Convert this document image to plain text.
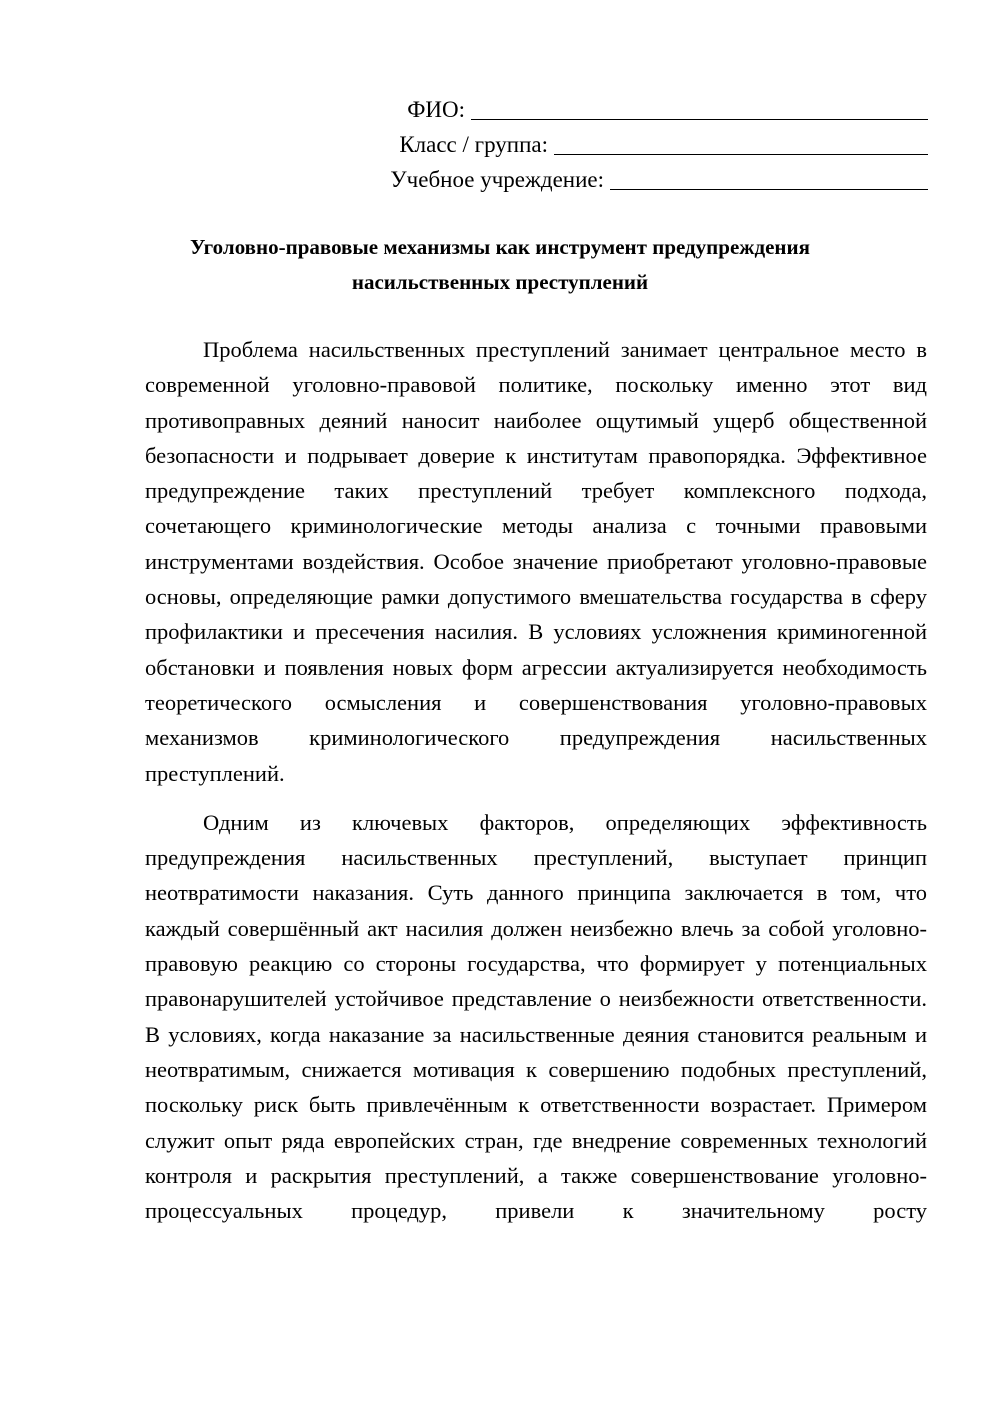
ФИО:
Класс / группа:
Учебное учреждение:
Уголовно-правовые механизмы как инструмент предупреждения
насильственных преступлений

Проблема насильственных преступлений занимает центральное место в современной уголовно-правовой политике, поскольку именно этот вид противоправных деяний наносит наиболее ощутимый ущерб общественной безопасности и подрывает доверие к институтам правопорядка. Эффективное предупреждение таких преступлений требует комплексного подхода, сочетающего криминологические методы анализа с точными правовыми инструментами воздействия. Особое значение приобретают уголовно-правовые основы, определяющие рамки допустимого вмешательства государства в сферу профилактики и пресечения насилия. В условиях усложнения криминогенной обстановки и появления новых форм агрессии актуализируется необходимость теоретического осмысления и совершенствования уголовно-правовых механизмов криминологического предупреждения насильственных преступлений.

Одним из ключевых факторов, определяющих эффективность предупреждения насильственных преступлений, выступает принцип неотвратимости наказания. Суть данного принципа заключается в том, что каждый совершённый акт насилия должен неизбежно влечь за собой уголовно-правовую реакцию со стороны государства, что формирует у потенциальных правонарушителей устойчивое представление о неизбежности ответственности. В условиях, когда наказание за насильственные деяния становится реальным и неотвратимым, снижается мотивация к совершению подобных преступлений, поскольку риск быть привлечённым к ответственности возрастает. Примером служит опыт ряда европейских стран, где внедрение современных технологий контроля и раскрытия преступлений, а также совершенствование уголовно-процессуальных процедур, привели к значительному росту
